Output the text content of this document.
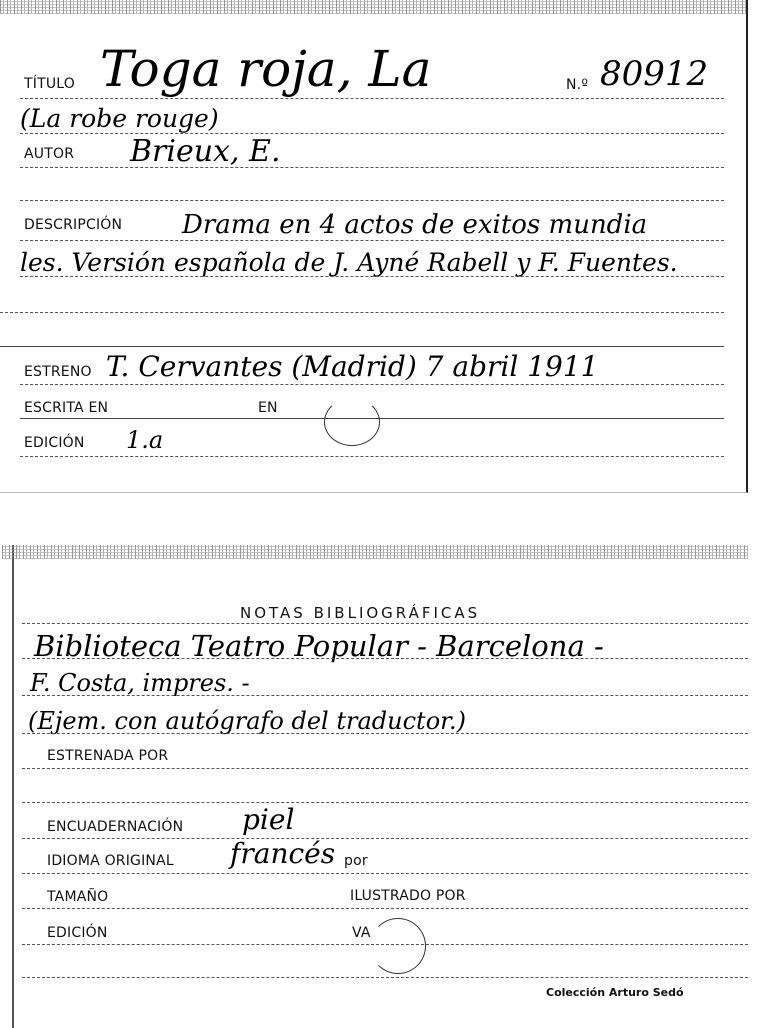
TÍTULO Toga roja, La	N.º 80912
(La robe rouge)
AUTOR Brieux, E.
DESCRIPCIÓN Drama en 4 actos de exitos mundia
les. Versión española de J. Ayné Rabell y F. Fuentes.
ESTRENO T. Cervantes (Madrid) 7 abril 1911
ESCRITA EN	EN
EDICIÓN 1.a
NOTAS BIBLIOGRÁFICAS
Biblioteca Teatro Popular - Barcelona -
F. Costa, impres. -
(Ejem. con autógrafo del traductor.)
ESTRENADA POR
ENCUADERNACIÓN piel
IDIOMA ORIGINAL francés por
TAMAÑO	ILUSTRADO POR
EDICIÓN	VA
Colección Arturo Sedó
